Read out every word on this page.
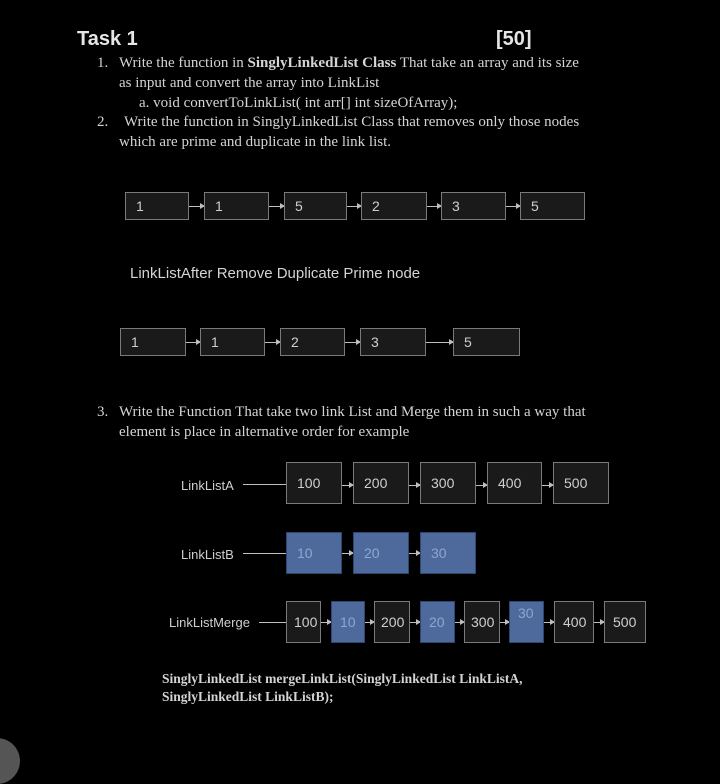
Task 1	[50]
1. Write the function in SinglyLinkedList Class That take an array and its size
as input and convert the array into LinkList
a. void convertToLinkList( int arr[] int sizeOfArray);
2. Write the function in SinglyLinkedList Class that removes only those nodes
which are prime and duplicate in the link list.
1	1	5	2	3	5
LinkListAfter Remove Duplicate Prime node
1	1	2	3	5
3. Write the Function That take two link List and Merge them in such a way that
element is place in alternative order for example
LinkListA	100	200	300	400	500
LinkListB	10	20	30
LinkListMerge	100 10 200 20 300
30
400 500
SinglyLinkedList mergeLinkList(SinglyLinkedList LinkListA,
SinglyLinkedList LinkListB);
